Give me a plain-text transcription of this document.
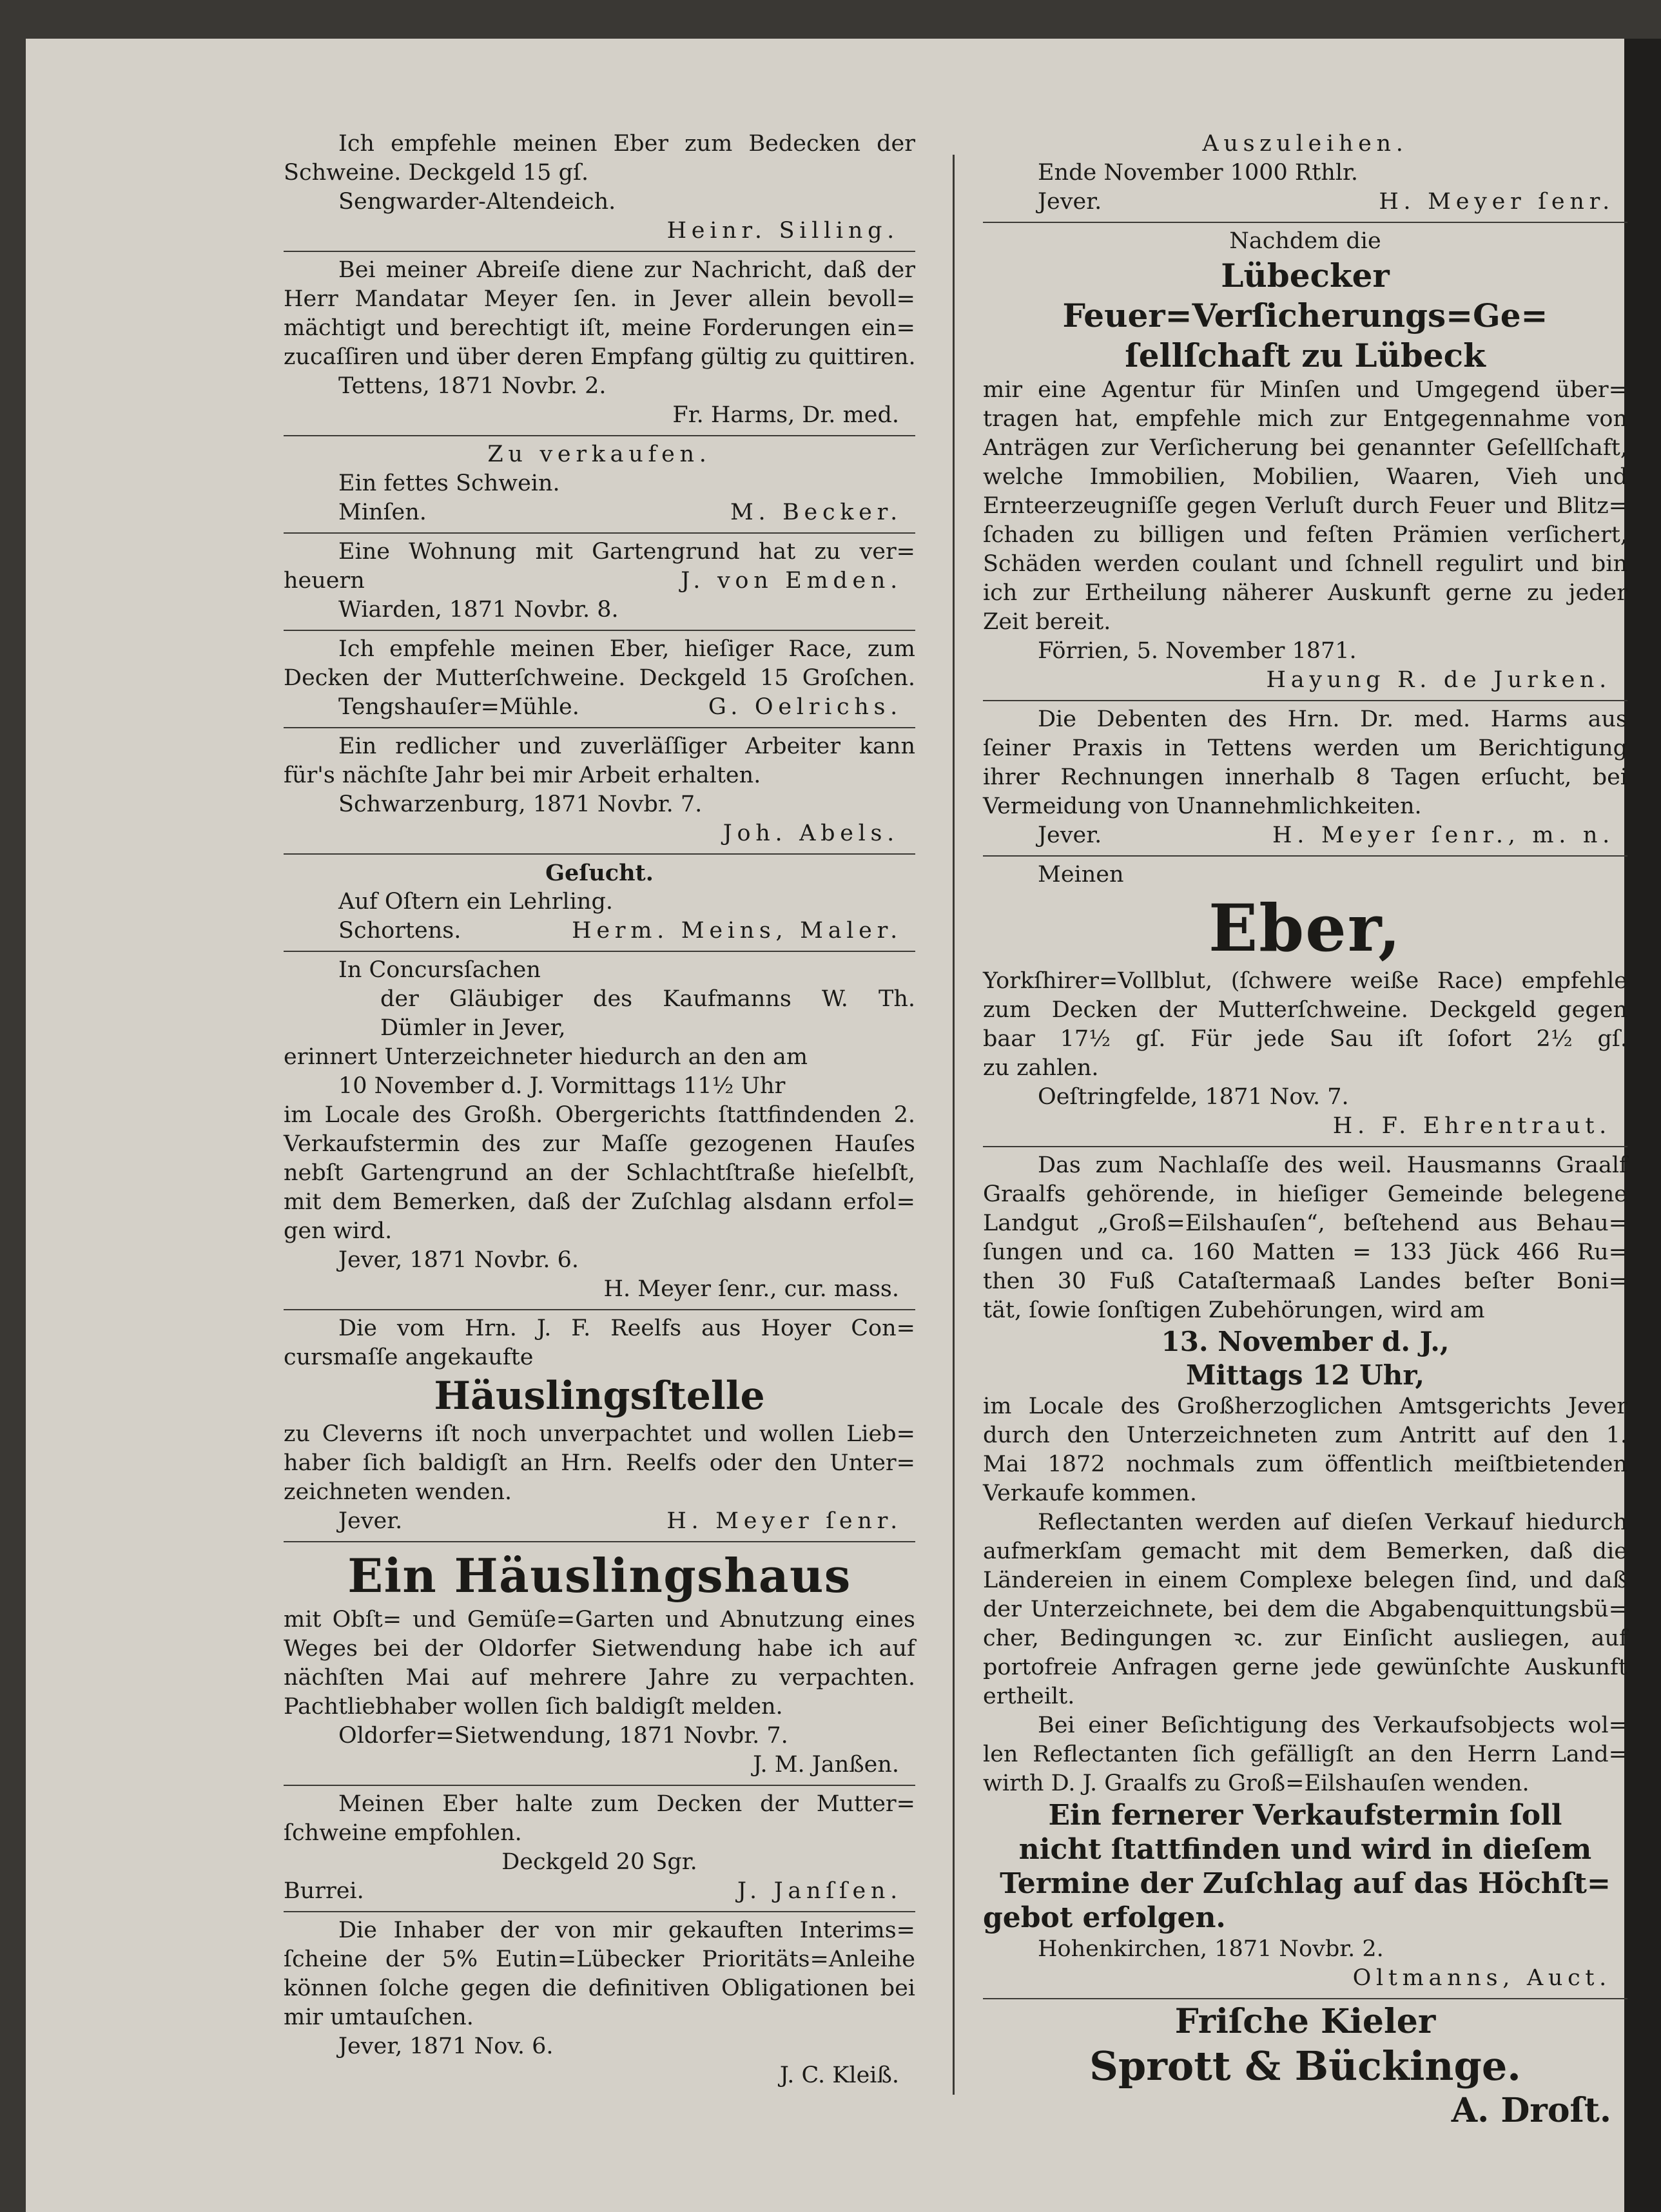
Ich empfehle meinen Eber zum Bedecken der
Schweine. Deckgeld 15 gſ.
Sengwarder-Altendeich.
Heinr. Silling.
Bei meiner Abreiſe diene zur Nachricht, daß der
Herr Mandatar Meyer ſen. in Jever allein bevoll=
mächtigt und berechtigt iſt, meine Forderungen ein=
zucaſſiren und über deren Empfang gültig zu quittiren.
Tettens, 1871 Novbr. 2.
Fr. Harms, Dr. med.
Zu verkaufen.
Ein fettes Schwein.
Minſen.	M. Becker.
Eine Wohnung mit Gartengrund hat zu ver=
heuern	J. von Emden.
Wiarden, 1871 Novbr. 8.
Ich empfehle meinen Eber, hieſiger Race, zum
Decken der Mutterſchweine. Deckgeld 15 Groſchen.
Tengshauſer=Mühle.	G. Oelrichs.
Ein redlicher und zuverläſſiger Arbeiter kann
für's nächſte Jahr bei mir Arbeit erhalten.
Schwarzenburg, 1871 Novbr. 7.
Joh. Abels.
Geſucht.
Auf Oſtern ein Lehrling.
Schortens.	Herm. Meins, Maler.
In Concursſachen
der Gläubiger des Kaufmanns W. Th.
Dümler in Jever,
erinnert Unterzeichneter hiedurch an den am
10 November d. J. Vormittags 11½ Uhr
im Locale des Großh. Obergerichts ſtattfindenden 2.
Verkaufstermin des zur Maſſe gezogenen Hauſes
nebſt Gartengrund an der Schlachtſtraße hieſelbſt,
mit dem Bemerken, daß der Zuſchlag alsdann erfol=
gen wird.
Jever, 1871 Novbr. 6.
H. Meyer ſenr., cur. mass.
Die vom Hrn. J. F. Reelfs aus Hoyer Con=
cursmaſſe angekaufte
Häuslingsſtelle
zu Cleverns iſt noch unverpachtet und wollen Lieb=
haber ſich baldigſt an Hrn. Reelfs oder den Unter=
zeichneten wenden.
Jever.	H. Meyer ſenr.
Ein Häuslingshaus
mit Obſt= und Gemüſe=Garten und Abnutzung eines
Weges bei der Oldorfer Sietwendung habe ich auf
nächſten Mai auf mehrere Jahre zu verpachten.
Pachtliebhaber wollen ſich baldigſt melden.
Oldorfer=Sietwendung, 1871 Novbr. 7.
J. M. Janßen.
Meinen Eber halte zum Decken der Mutter=
ſchweine empfohlen.
Deckgeld 20 Sgr.
Burrei.	J. Janſſen.
Die Inhaber der von mir gekauften Interims=
ſcheine der 5% Eutin=Lübecker Prioritäts=Anleihe
können ſolche gegen die definitiven Obligationen bei
mir umtauſchen.
Jever, 1871 Nov. 6.
J. C. Kleiß.
Auszuleihen.
Ende November 1000 Rthlr.
Jever.	H. Meyer ſenr.
Nachdem die
Lübecker Feuer=Verſicherungs=Ge=
ſellſchaft zu Lübeck
mir eine Agentur für Minſen und Umgegend über=
tragen hat, empfehle mich zur Entgegennahme von
Anträgen zur Verſicherung bei genannter Geſellſchaft,
welche Immobilien, Mobilien, Waaren, Vieh und
Ernteerzeugniſſe gegen Verluſt durch Feuer und Blitz=
ſchaden zu billigen und feſten Prämien verſichert,
Schäden werden coulant und ſchnell regulirt und bin
ich zur Ertheilung näherer Auskunft gerne zu jeder
Zeit bereit.
Förrien, 5. November 1871.
Hayung R. de Jurken.
Die Debenten des Hrn. Dr. med. Harms aus
ſeiner Praxis in Tettens werden um Berichtigung
ihrer Rechnungen innerhalb 8 Tagen erſucht, bei
Vermeidung von Unannehmlichkeiten.
Jever.	H. Meyer ſenr., m. n.
Meinen
Eber,
Yorkſhirer=Vollblut, (ſchwere weiße Race) empfehle
zum Decken der Mutterſchweine. Deckgeld gegen
baar 17½ gſ. Für jede Sau iſt ſofort 2½ gſ.
zu zahlen.
Oeſtringfelde, 1871 Nov. 7.
H. F. Ehrentraut.
Das zum Nachlaſſe des weil. Hausmanns Graalf
Graalfs gehörende, in hieſiger Gemeinde belegene
Landgut „Groß=Eilshauſen“, beſtehend aus Behau=
ſungen und ca. 160 Matten = 133 Jück 466 Ru=
then 30 Fuß Cataſtermaaß Landes beſter Boni=
tät, ſowie ſonſtigen Zubehörungen, wird am
13. November d. J.,
Mittags 12 Uhr,
im Locale des Großherzoglichen Amtsgerichts Jever
durch den Unterzeichneten zum Antritt auf den 1.
Mai 1872 nochmals zum öffentlich meiſtbietenden
Verkaufe kommen.
Reflectanten werden auf dieſen Verkauf hiedurch
aufmerkſam gemacht mit dem Bemerken, daß die
Ländereien in einem Complexe belegen ſind, und daß
der Unterzeichnete, bei dem die Abgabenquittungsbü=
cher, Bedingungen ꝛc. zur Einſicht ausliegen, auf
portofreie Anfragen gerne jede gewünſchte Auskunft
ertheilt.
Bei einer Beſichtigung des Verkaufsobjects wol=
len Reflectanten ſich gefälligſt an den Herrn Land=
wirth D. J. Graalfs zu Groß=Eilshauſen wenden.
Ein fernerer Verkaufstermin ſoll
nicht ſtattfinden und wird in dieſem
Termine der Zuſchlag auf das Höchſt=
gebot erfolgen.
Hohenkirchen, 1871 Novbr. 2.
Oltmanns, Auct.
Friſche Kieler
Sprott & Bückinge.
A. Droſt.
